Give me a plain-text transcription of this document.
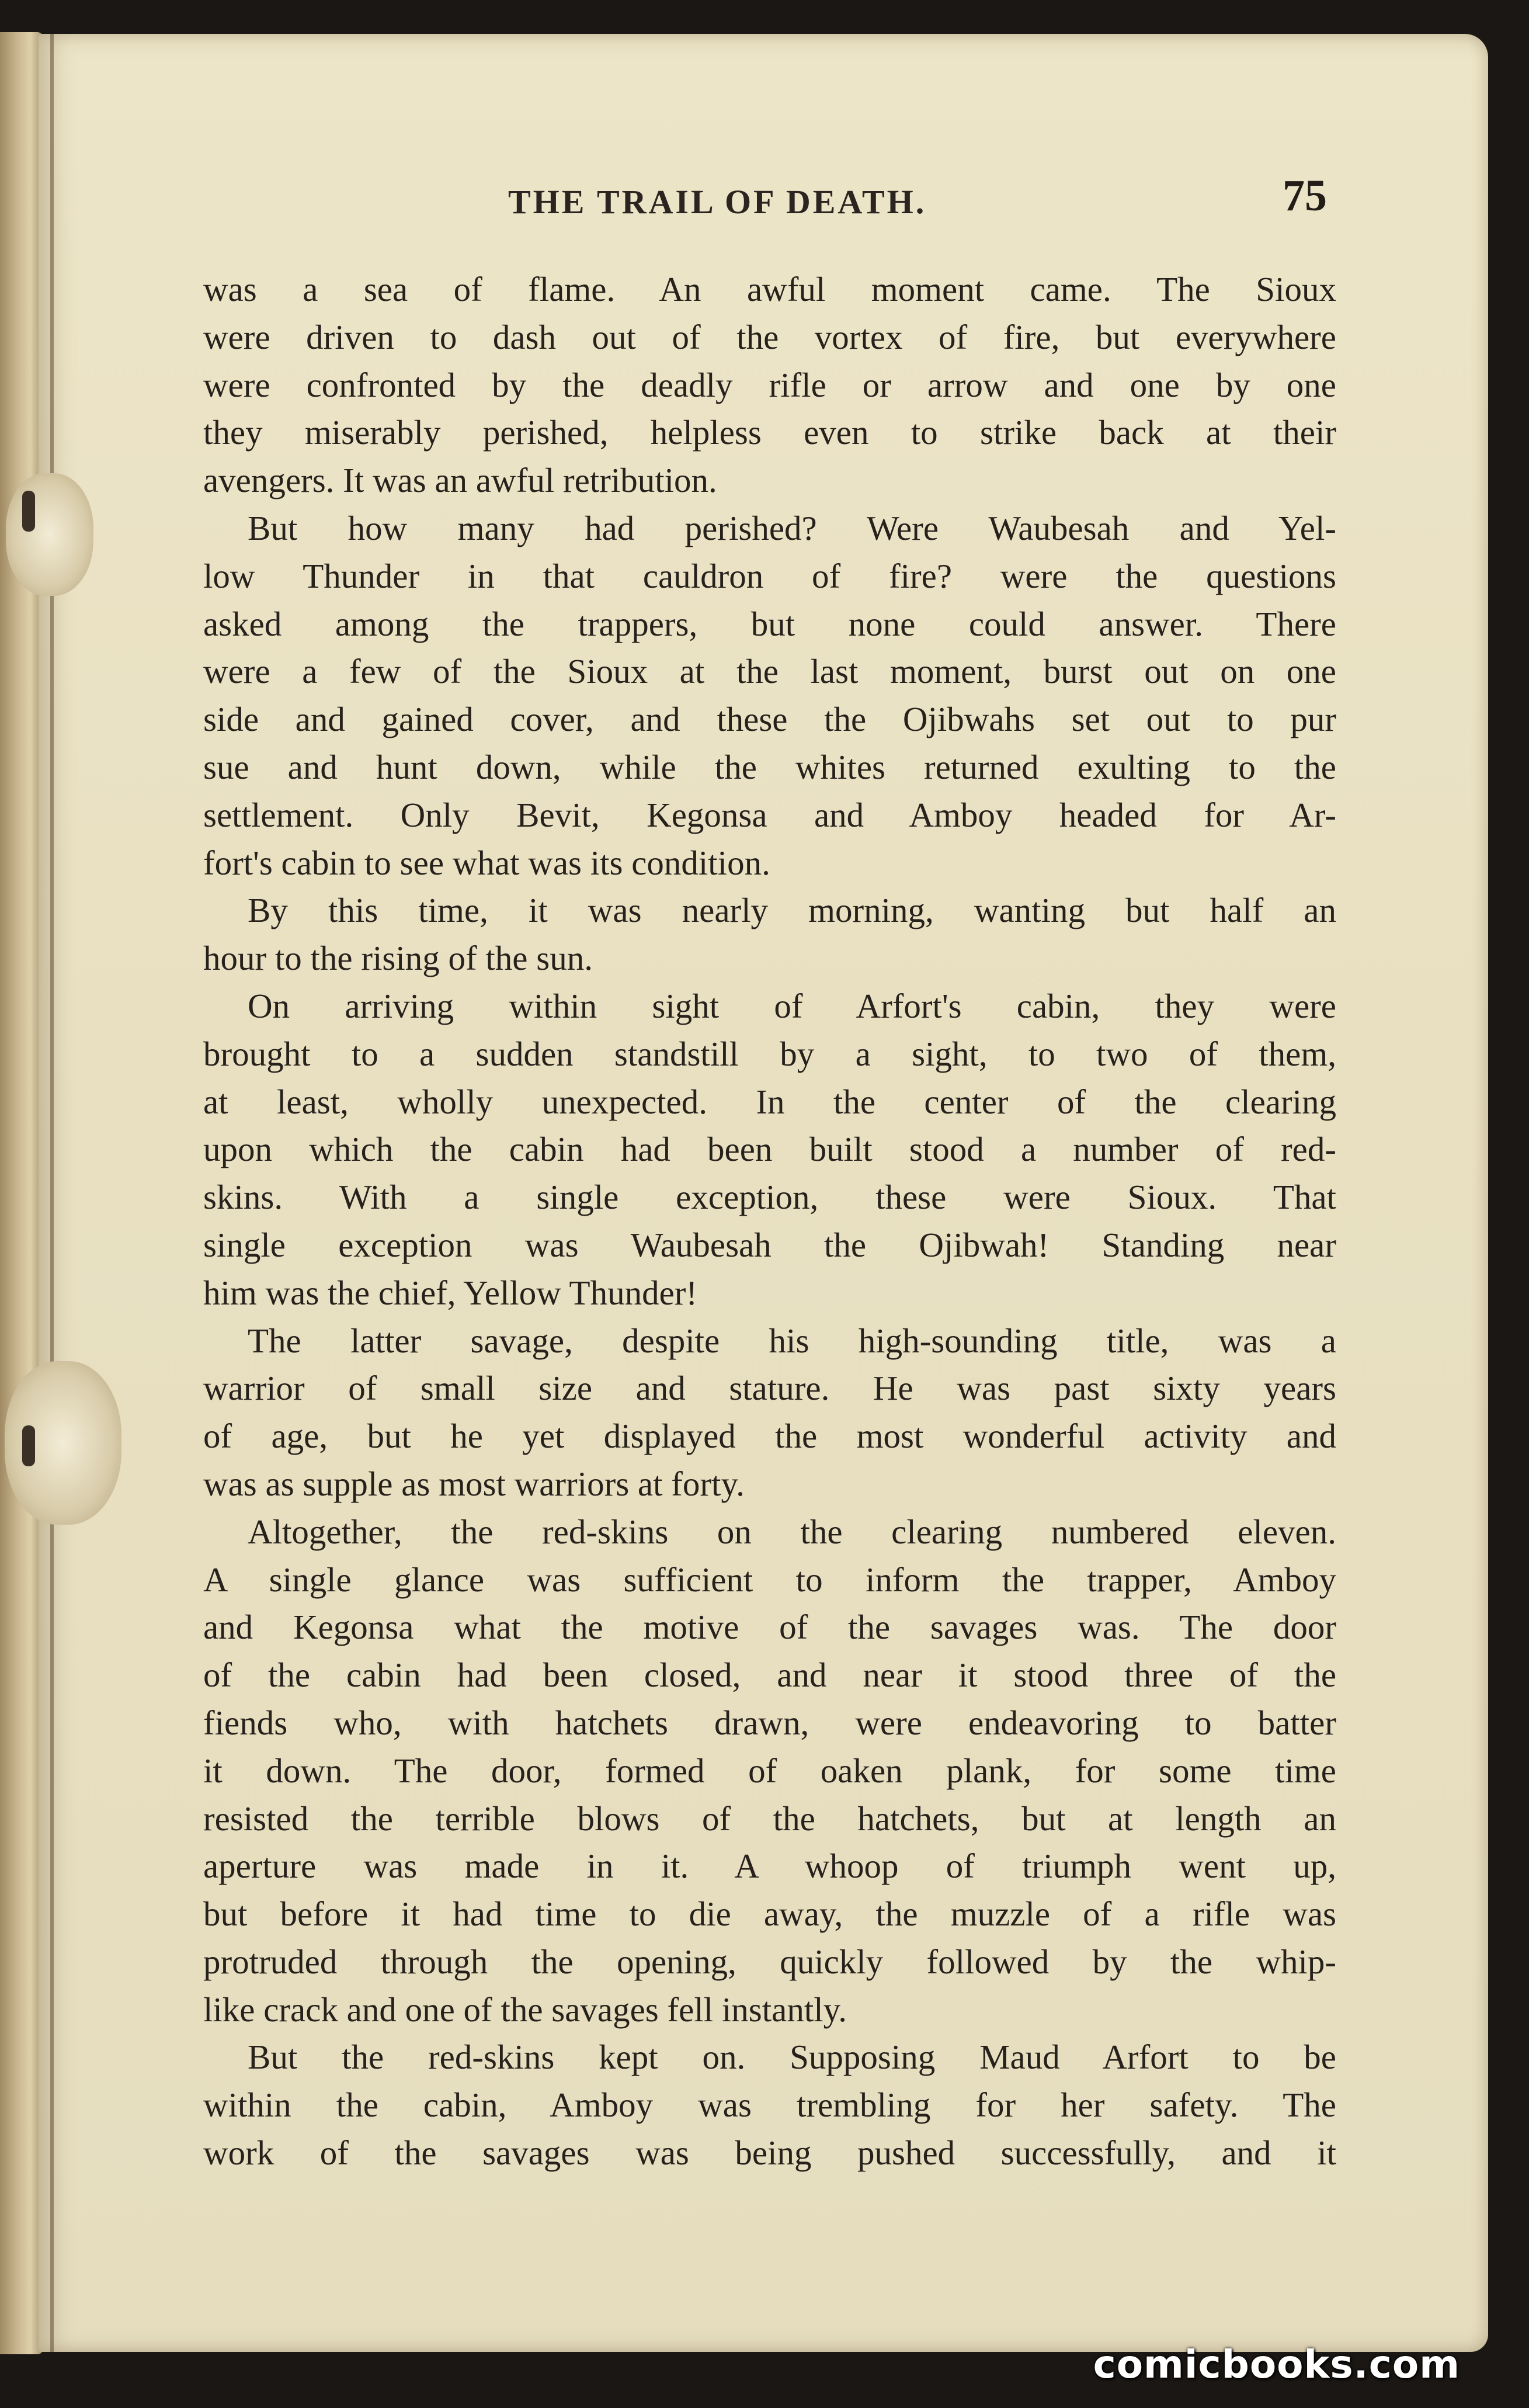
THE TRAIL OF DEATH.	75
was a sea of flame. An awful moment came. The Sioux
were driven to dash out of the vortex of fire, but everywhere
were confronted by the deadly rifle or arrow and one by one
they miserably perished, helpless even to strike back at their
avengers. It was an awful retribution.
But how many had perished? Were Waubesah and Yel-
low Thunder in that cauldron of fire? were the questions
asked among the trappers, but none could answer. There
were a few of the Sioux at the last moment, burst out on one
side and gained cover, and these the Ojibwahs set out to pur
sue and hunt down, while the whites returned exulting to the
settlement. Only Bevit, Kegonsa and Amboy headed for Ar-
fort's cabin to see what was its condition.
By this time, it was nearly morning, wanting but half an
hour to the rising of the sun.
On arriving within sight of Arfort's cabin, they were
brought to a sudden standstill by a sight, to two of them,
at least, wholly unexpected. In the center of the clearing
upon which the cabin had been built stood a number of red-
skins. With a single exception, these were Sioux. That
single exception was Waubesah the Ojibwah! Standing near
him was the chief, Yellow Thunder!
The latter savage, despite his high-sounding title, was a
warrior of small size and stature. He was past sixty years
of age, but he yet displayed the most wonderful activity and
was as supple as most warriors at forty.
Altogether, the red-skins on the clearing numbered eleven.
A single glance was sufficient to inform the trapper, Amboy
and Kegonsa what the motive of the savages was. The door
of the cabin had been closed, and near it stood three of the
fiends who, with hatchets drawn, were endeavoring to batter
it down. The door, formed of oaken plank, for some time
resisted the terrible blows of the hatchets, but at length an
aperture was made in it. A whoop of triumph went up,
but before it had time to die away, the muzzle of a rifle was
protruded through the opening, quickly followed by the whip-
like crack and one of the savages fell instantly.
But the red-skins kept on. Supposing Maud Arfort to be
within the cabin, Amboy was trembling for her safety. The
work of the savages was being pushed successfully, and it
comicbooks.com
